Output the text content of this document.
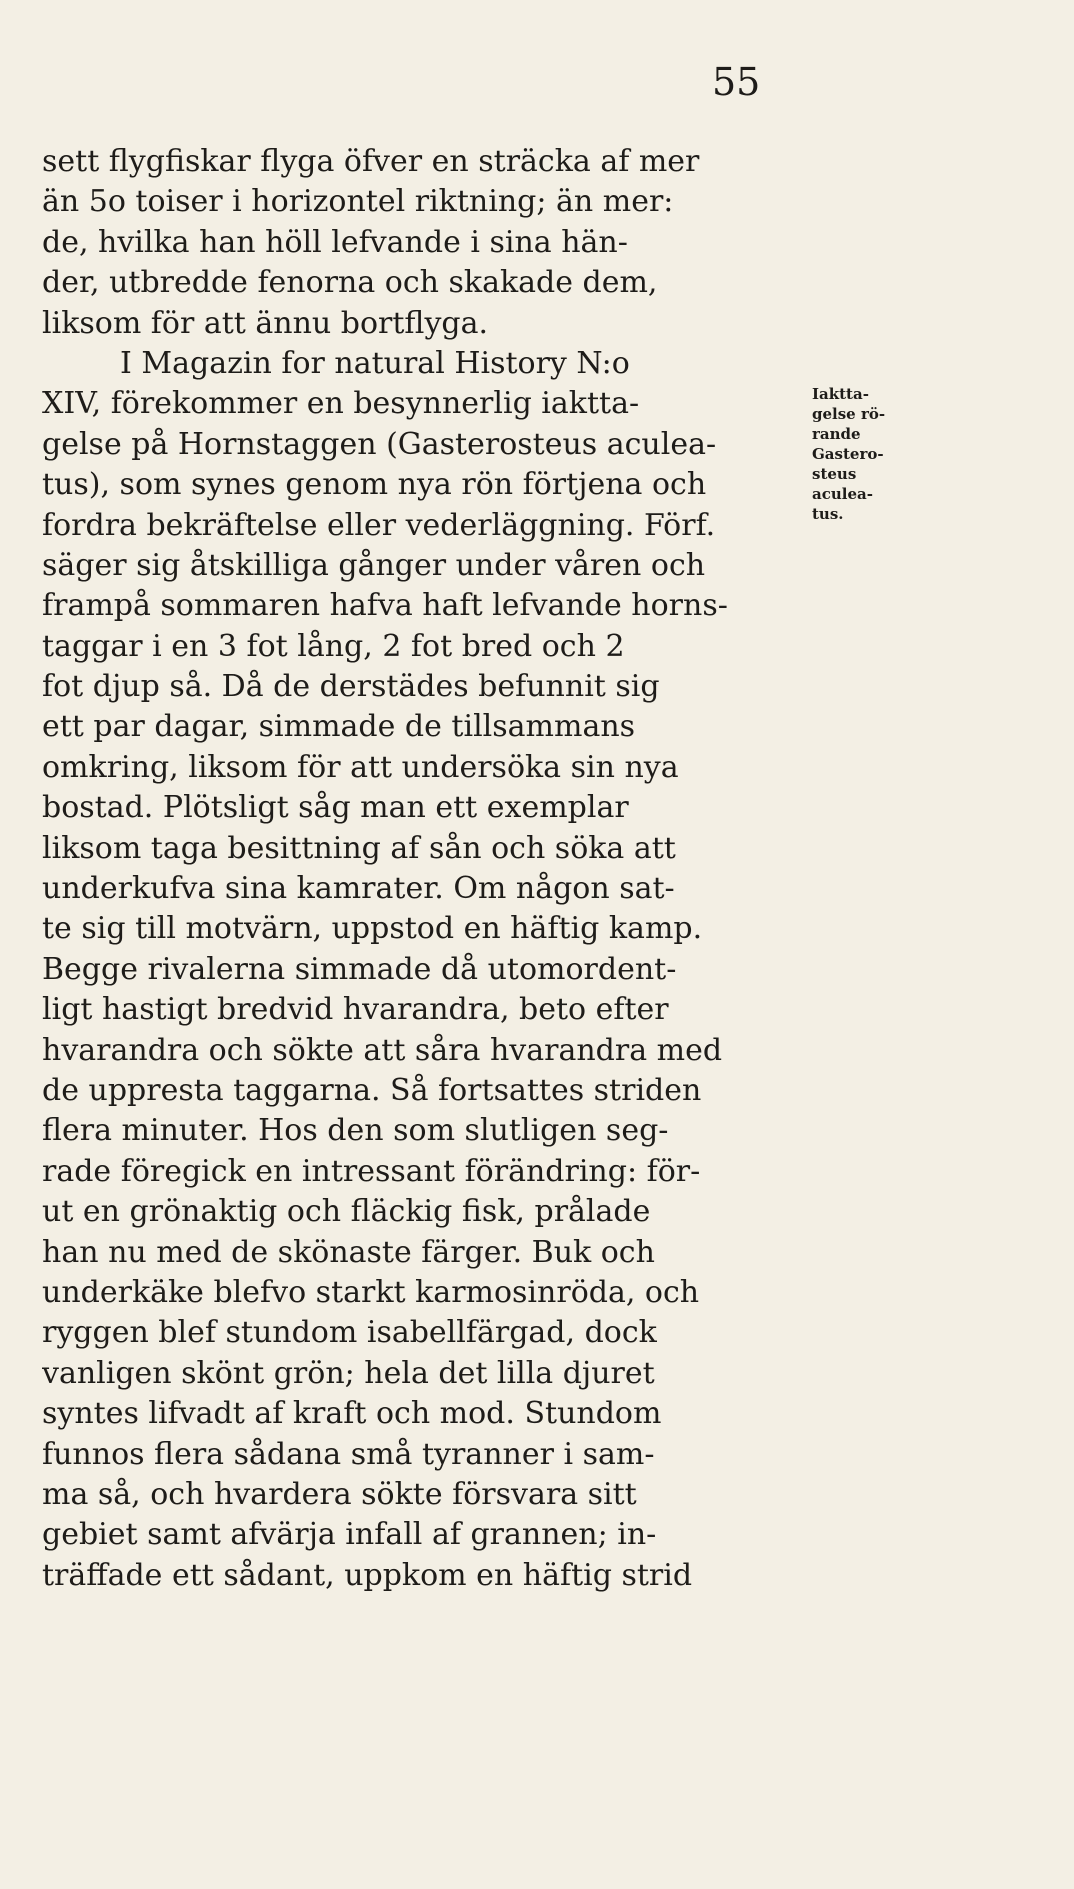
55
sett flygfiskar flyga öfver en sträcka af mer
än 5o toiser i horizontel riktning; än mer:
de, hvilka han höll lefvande i sina hän-
der, utbredde fenorna och skakade dem,
liksom för att ännu bortflyga.
I Magazin for natural History N:o
XIV, förekommer en besynnerlig iaktta-
gelse på Hornstaggen (Gasterosteus aculea-
tus), som synes genom nya rön förtjena och
fordra bekräftelse eller vederläggning. Förf.
säger sig åtskilliga gånger under våren och
frampå sommaren hafva haft lefvande horns-
taggar i en 3 fot lång, 2 fot bred och 2
fot djup så. Då de derstädes befunnit sig
ett par dagar, simmade de tillsammans
omkring, liksom för att undersöka sin nya
bostad. Plötsligt såg man ett exemplar
liksom taga besittning af sån och söka att
underkufva sina kamrater. Om någon sat-
te sig till motvärn, uppstod en häftig kamp.
Begge rivalerna simmade då utomordent-
ligt hastigt bredvid hvarandra, beto efter
hvarandra och sökte att såra hvarandra med
de uppresta taggarna. Så fortsattes striden
flera minuter. Hos den som slutligen seg-
rade föregick en intressant förändring: för-
ut en grönaktig och fläckig fisk, prålade
han nu med de skönaste färger. Buk och
underkäke blefvo starkt karmosinröda, och
ryggen blef stundom isabellfärgad, dock
vanligen skönt grön; hela det lilla djuret
syntes lifvadt af kraft och mod. Stundom
funnos flera sådana små tyranner i sam-
ma så, och hvardera sökte försvara sitt
gebiet samt afvärja infall af grannen; in-
träffade ett sådant, uppkom en häftig strid
Iaktta-
gelse rö-
rande
Gastero-
steus
aculea-
tus.
